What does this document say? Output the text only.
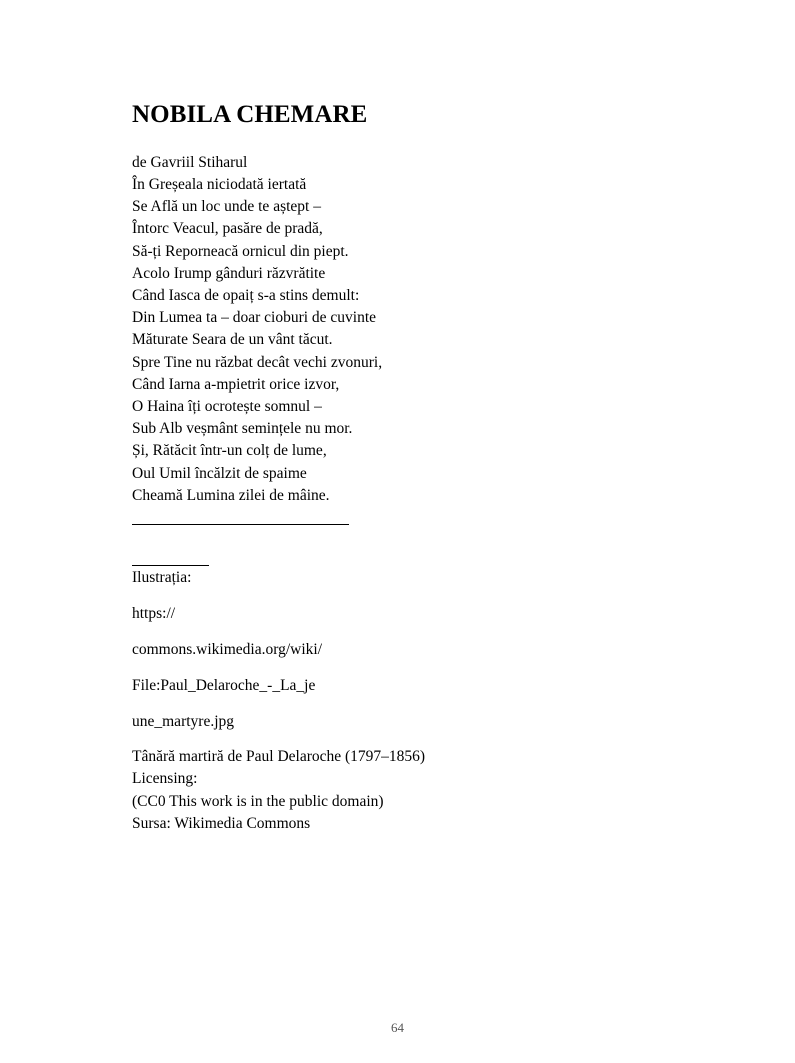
NOBILA CHEMARE
de Gavriil Stiharul
În Greșeala niciodată iertată
Se Află un loc unde te aștept –
Întorc Veacul, pasăre de pradă,
Să-ți Reporneacă ornicul din piept.
Acolo Irump gânduri răzvrătite
Când Iasca de opaiț s-a stins demult:
Din Lumea ta – doar cioburi de cuvinte
Măturate Seara de un vânt tăcut.
Spre Tine nu răzbat decât vechi zvonuri,
Când Iarna a-mpietrit orice izvor,
O Haina îți ocrotește somnul –
Sub Alb veșmânt semințele nu mor.
Și, Rătăcit într-un colț de lume,
Oul Umil încălzit de spaime
Cheamă Lumina zilei de mâine.
Ilustrația:
https://
commons.wikimedia.org/wiki/
File:Paul_Delaroche_-_La_je
une_martyre.jpg
Tânără martiră de Paul Delaroche (1797–1856)
Licensing:
(CC0 This work is in the public domain)
Sursa: Wikimedia Commons
64
